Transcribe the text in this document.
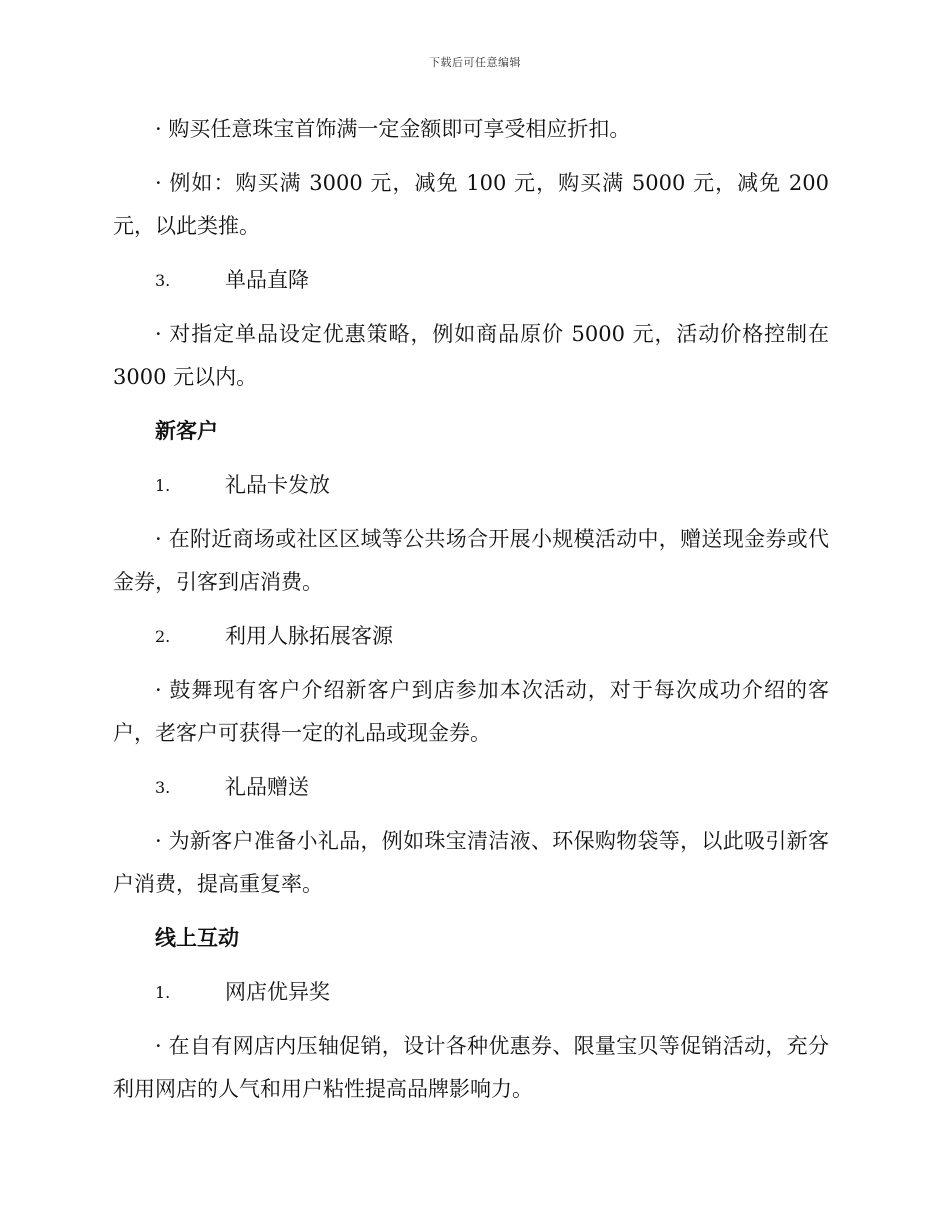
下载后可任意编辑

· 购买任意珠宝首饰满一定金额即可享受相应折扣。

· 例如：购买满 3000 元，减免 100 元，购买满 5000 元，减免 200 元，以此类推。

3.	单品直降

· 对指定单品设定优惠策略，例如商品原价 5000 元，活动价格控制在 3000 元以内。

新客户
1.	礼品卡发放

· 在附近商场或社区区域等公共场合开展小规模活动中，赠送现金券或代金券，引客到店消费。

2.	利用人脉拓展客源

· 鼓舞现有客户介绍新客户到店参加本次活动，对于每次成功介绍的客户，老客户可获得一定的礼品或现金券。

3.	礼品赠送

· 为新客户准备小礼品，例如珠宝清洁液、环保购物袋等，以此吸引新客户消费，提高重复率。

线上互动
1.	网店优异奖

· 在自有网店内压轴促销，设计各种优惠券、限量宝贝等促销活动，充分利用网店的人气和用户粘性提高品牌影响力。
